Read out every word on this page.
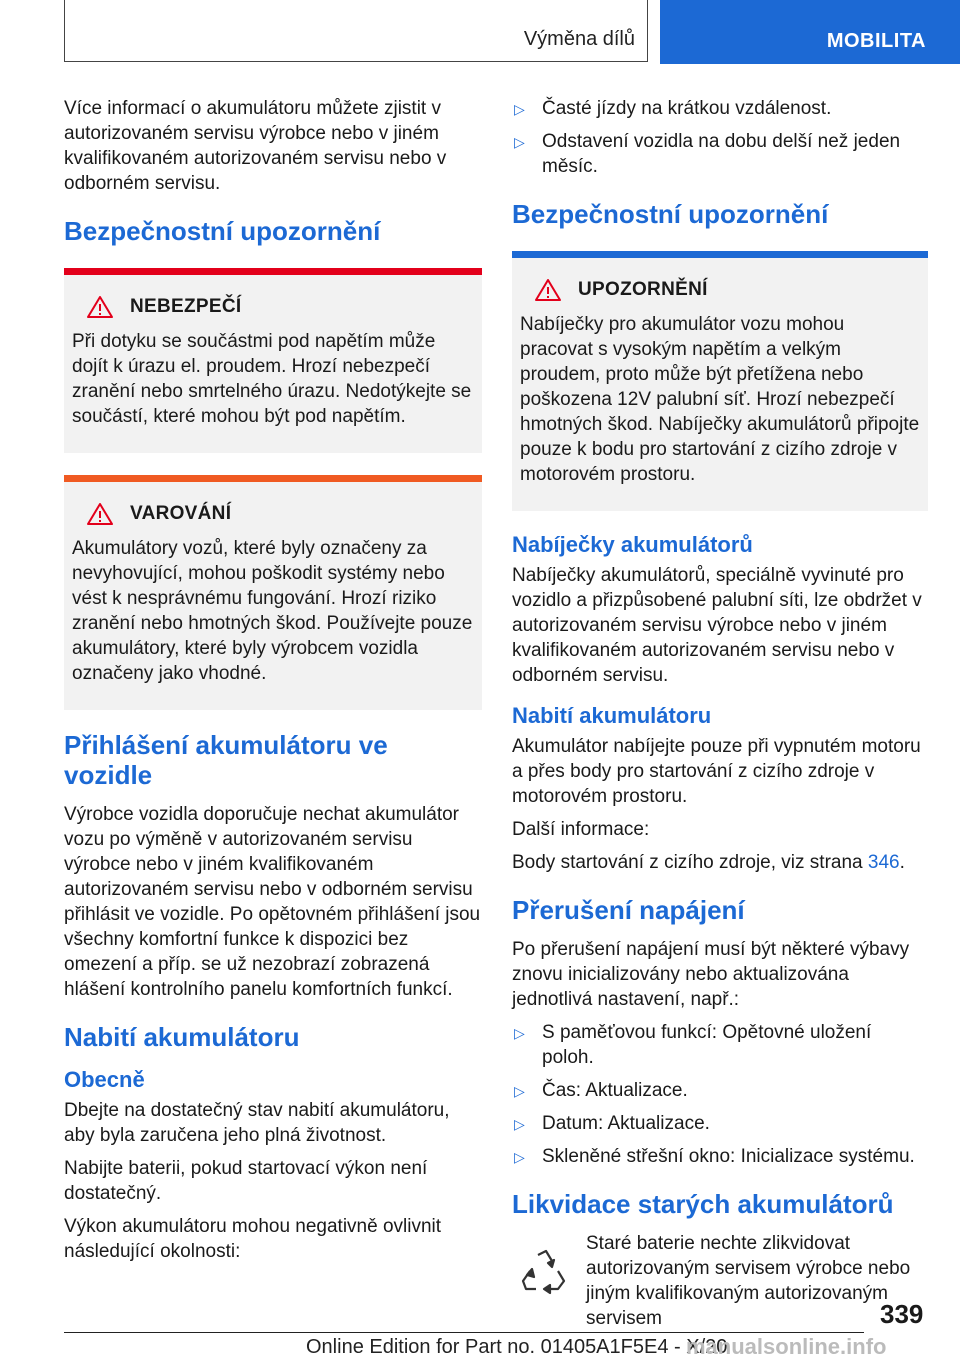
Výměna dílů	MOBILITA

Více informací o akumulátoru můžete zjistit v autorizovaném servisu výrobce nebo v jiném kvalifikovaném autorizovaném servisu nebo v odborném servisu.

Bezpečnostní upozornění
NEBEZPEČÍ

Při dotyku se součástmi pod napětím může dojít k úrazu el. proudem. Hrozí nebezpečí zranění nebo smrtelného úrazu. Nedotýkejte se součástí, které mohou být pod napětím.

VAROVÁNÍ

Akumulátory vozů, které byly označeny za nevyhovující, mohou poškodit systémy nebo vést k nesprávnému fungování. Hrozí riziko zranění nebo hmotných škod. Používejte pouze akumulátory, které byly výrobcem vozidla označeny jako vhodné.

Přihlášení akumulátoru ve vozidle

Výrobce vozidla doporučuje nechat akumulátor vozu po výměně v autorizovaném servisu výrobce nebo v jiném kvalifikovaném autorizovaném servisu nebo v odborném servisu přihlásit ve vozidle. Po opětovném přihlášení jsou všechny komfortní funkce k dispozici bez omezení a příp. se už nezobrazí zobrazená hlášení kontrolního panelu komfortních funkcí.

Nabití akumulátoru
Obecně

Dbejte na dostatečný stav nabití akumulátoru, aby byla zaručena jeho plná životnost.

Nabijte baterii, pokud startovací výkon není dostatečný.

Výkon akumulátoru mohou negativně ovlivnit následující okolnosti:

▷ Časté jízdy na krátkou vzdálenost.
▷ Odstavení vozidla na dobu delší než jeden měsíc.
Bezpečnostní upozornění
UPOZORNĚNÍ

Nabíječky pro akumulátor vozu mohou pracovat s vysokým napětím a velkým proudem, proto může být přetížena nebo poškozena 12V palubní síť. Hrozí nebezpečí hmotných škod. Nabíječky akumulátorů připojte pouze k bodu pro startování z cizího zdroje v motorovém prostoru.

Nabíječky akumulátorů

Nabíječky akumulátorů, speciálně vyvinuté pro vozidlo a přizpůsobené palubní síti, lze obdržet v autorizovaném servisu výrobce nebo v jiném kvalifikovaném autorizovaném servisu nebo v odborném servisu.

Nabití akumulátoru

Akumulátor nabíjejte pouze při vypnutém motoru a přes body pro startování z cizího zdroje v motorovém prostoru.

Další informace:

Body startování z cizího zdroje, viz strana 346.

Přerušení napájení

Po přerušení napájení musí být některé výbavy znovu inicializovány nebo aktualizována jednotlivá nastavení, např.:

▷ S paměťovou funkcí: Opětovné uložení poloh.
▷ Čas: Aktualizace.
▷ Datum: Aktualizace.
▷ Skleněné střešní okno: Inicializace systému.
Likvidace starých akumulátorů

Staré baterie nechte zlikvidovat autorizovaným servisem výrobce nebo jiným kvalifikovaným autorizovaným servisem	339
Online Edition for Part no. 01405A1F5E4 - X/20
manualsonline.info
